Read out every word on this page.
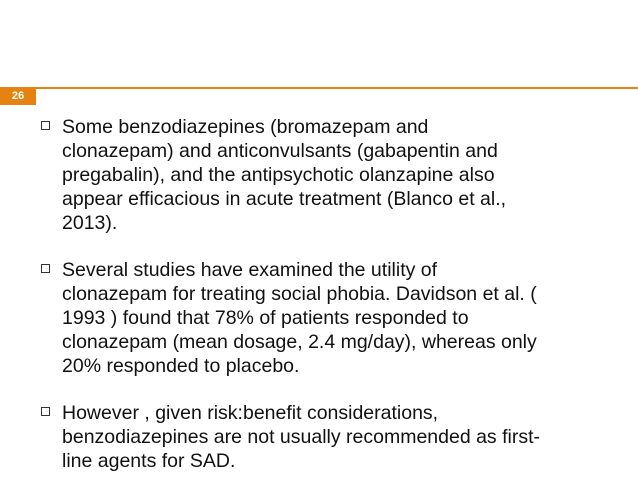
26
Some benzodiazepines (bromazepam and
clonazepam) and anticonvulsants (gabapentin and
pregabalin), and the antipsychotic olanzapine also
appear efficacious in acute treatment (Blanco et al.,
2013).
Several studies have examined the utility of
clonazepam for treating social phobia. Davidson et al. (
1993 ) found that 78% of patients responded to
clonazepam (mean dosage, 2.4 mg/day), whereas only
20% responded to placebo.
However , given risk:benefit considerations,
benzodiazepines are not usually recommended as first-
line agents for SAD.
